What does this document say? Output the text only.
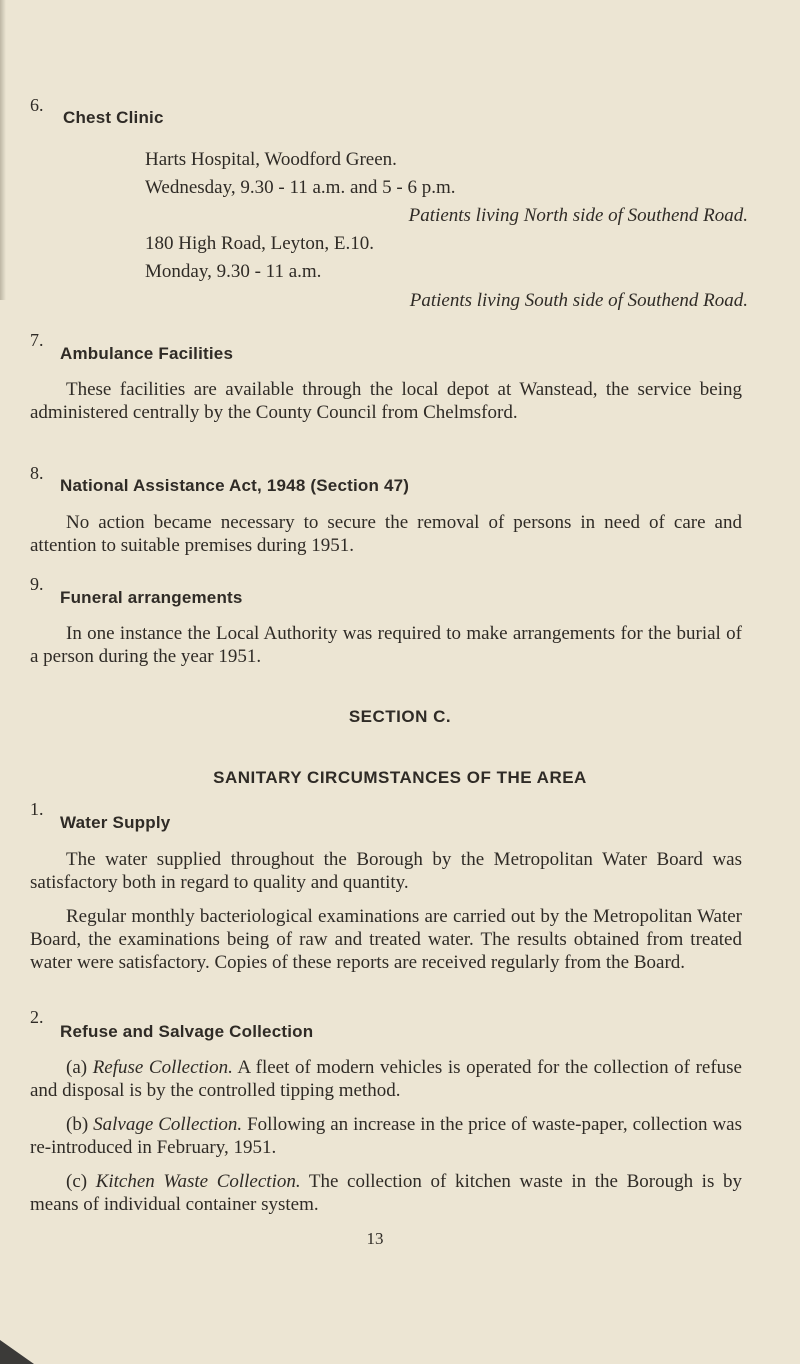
6.
Chest Clinic
Harts Hospital, Woodford Green.
Wednesday, 9.30 - 11 a.m. and 5 - 6 p.m.
Patients living North side of Southend Road.
180 High Road, Leyton, E.10.
Monday, 9.30 - 11 a.m.
Patients living South side of Southend Road.
7.
Ambulance Facilities
These facilities are available through the local depot at Wanstead, the service being administered centrally by the County Council from Chelmsford.
8.
National Assistance Act, 1948 (Section 47)
No action became necessary to secure the removal of persons in need of care and attention to suitable premises during 1951.
9.
Funeral arrangements
In one instance the Local Authority was required to make arrangements for the burial of a person during the year 1951.
SECTION C.
SANITARY CIRCUMSTANCES OF THE AREA
1.
Water Supply
The water supplied throughout the Borough by the Metropolitan Water Board was satisfactory both in regard to quality and quantity.
Regular monthly bacteriological examinations are carried out by the Metropolitan Water Board, the examinations being of raw and treated water. The results obtained from treated water were satisfactory. Copies of these reports are received regularly from the Board.
2.
Refuse and Salvage Collection
(a) Refuse Collection. A fleet of modern vehicles is operated for the collection of refuse and disposal is by the controlled tipping method.
(b) Salvage Collection. Following an increase in the price of waste-paper, collection was re-introduced in February, 1951.
(c) Kitchen Waste Collection. The collection of kitchen waste in the Borough is by means of individual container system.
13
